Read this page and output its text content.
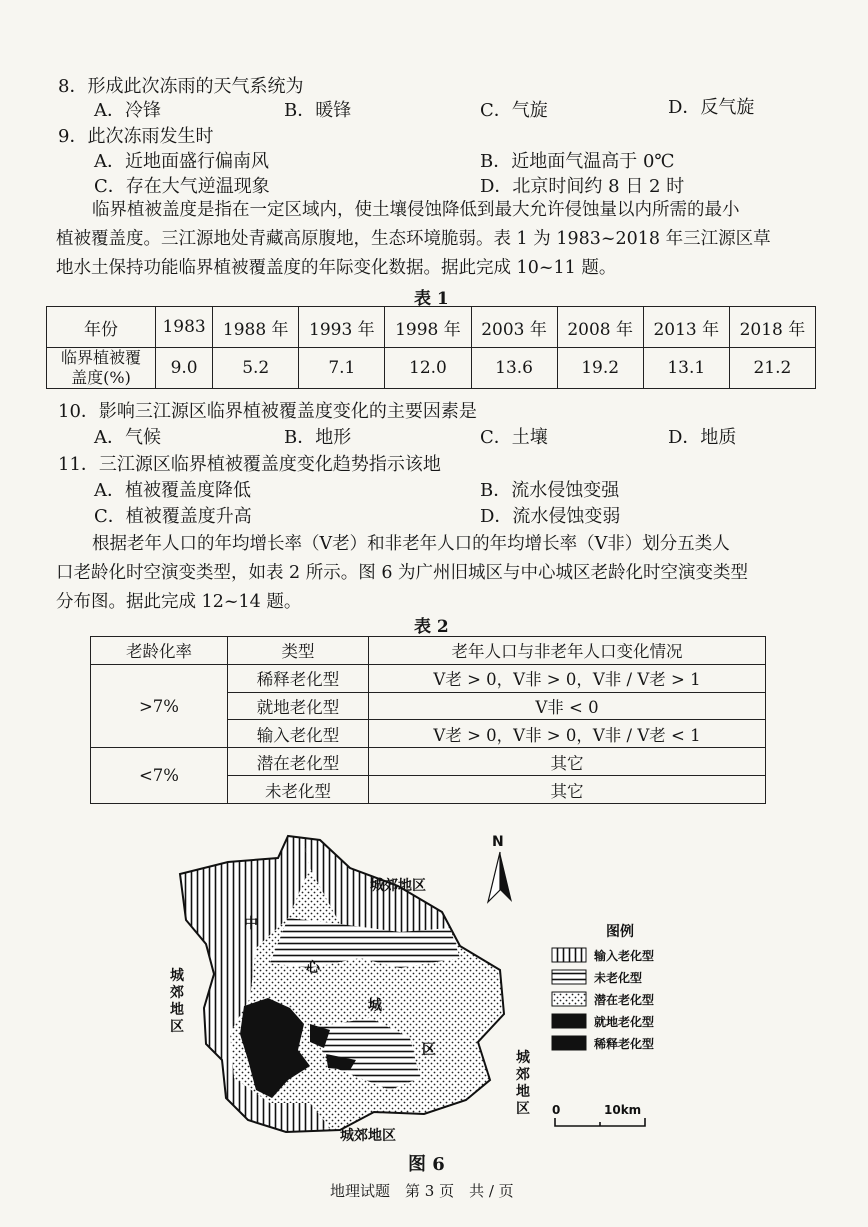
8．形成此次冻雨的天气系统为
A．冷锋	B．暖锋	C．气旋	D．反气旋
9．此次冻雨发生时
A．近地面盛行偏南风	B．近地面气温高于 0℃
C．存在大气逆温现象	D．北京时间约 8 日 2 时
临界植被盖度是指在一定区域内，使土壤侵蚀降低到最大允许侵蚀量以内所需的最小
植被覆盖度。三江源地处青藏高原腹地，生态环境脆弱。表 1 为 1983~2018 年三江源区草
地水土保持功能临界植被覆盖度的年际变化数据。据此完成 10~11 题。
表 1
年份	1983	1988 年	1993 年	1998 年	2003 年	2008 年	2013 年	2018 年
临界植被覆盖度(%)	9.0	5.2	7.1	12.0	13.6	19.2	13.1	21.2
10．影响三江源区临界植被覆盖度变化的主要因素是
A．气候	B．地形	C．土壤	D．地质
11．三江源区临界植被覆盖度变化趋势指示该地
A．植被覆盖度降低	B．流水侵蚀变强
C．植被覆盖度升高	D．流水侵蚀变弱
根据老年人口的年均增长率（V老）和非老年人口的年均增长率（V非）划分五类人
口老龄化时空演变类型，如表 2 所示。图 6 为广州旧城区与中心城区老龄化时空演变类型
分布图。据此完成 12~14 题。
表 2
老龄化率	类型	老年人口与非老年人口变化情况
>7%	稀释老化型	V老 > 0，V非 > 0，V非 / V老 > 1
	就地老化型	V非 < 0
	输入老化型	V老 > 0，V非 > 0，V非 / V老 < 1
<7%	潜在老化型	其它
	未老化型	其它
城郊地区
城郊地区
城
郊
地
区
城
郊
地
区
中
心
城
区
N
图例
输入老化型
未老化型
潜在老化型
就地老化型
稀释老化型
0	10km
图 6
地理试题　第 3 页　共 / 页
